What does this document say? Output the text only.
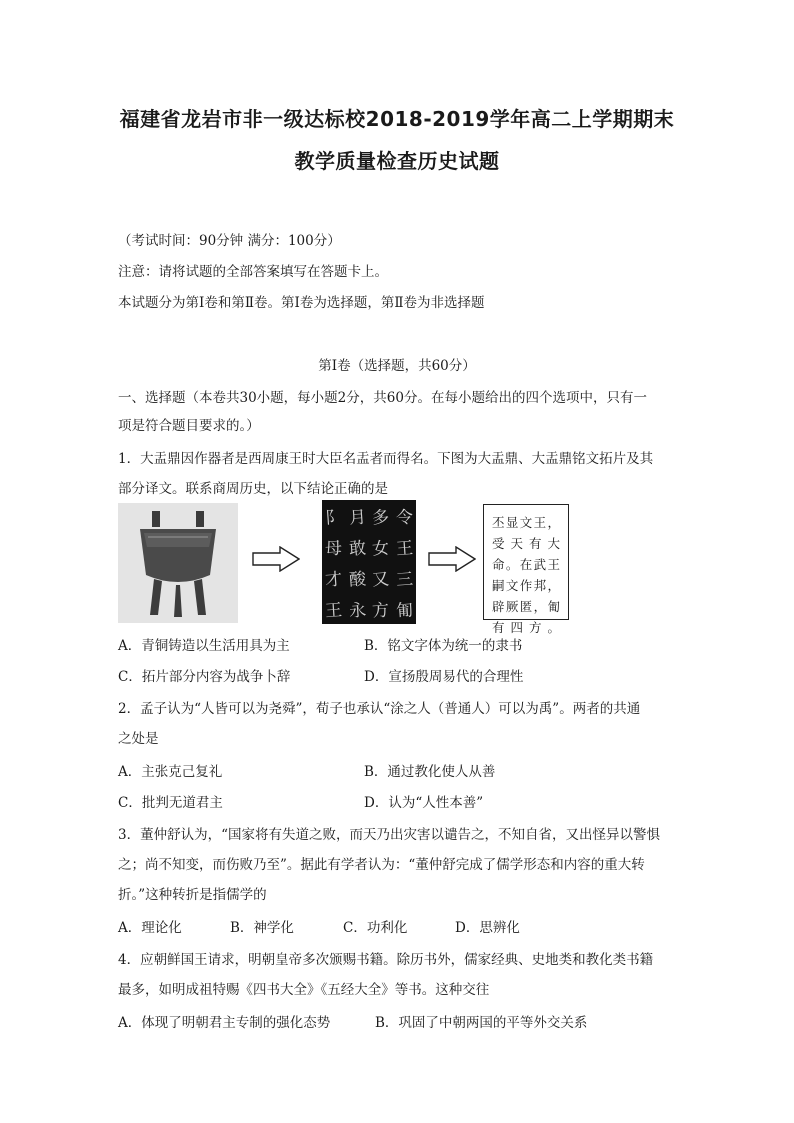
福建省龙岩市非一级达标校2018-2019学年高二上学期期末
教学质量检查历史试题
（考试时间：90分钟 满分：100分）
注意：请将试题的全部答案填写在答题卡上。
本试题分为第Ⅰ卷和第Ⅱ卷。第Ⅰ卷为选择题，第Ⅱ卷为非选择题
第Ⅰ卷（选择题，共60分）
一、选择题（本卷共30小题，每小题2分，共60分。在每小题给出的四个选项中，只有一
项是符合题目要求的。）
1．大盂鼎因作器者是西周康王时大臣名盂者而得名。下图为大盂鼎、大盂鼎铭文拓片及其
部分译文。联系商周历史，以下结论正确的是
阝 月 多 令
母 敢 女 王
才 酸 又 三
王 永 方 匍
丕显文王，
受天有大
命。在武王
嗣文作邦，
辟厥匿，匍
有四方。
A．青铜铸造以生活用具为主	B．铭文字体为统一的隶书
C．拓片部分内容为战争卜辞	D．宣扬殷周易代的合理性
2．孟子认为“人皆可以为尧舜”，荀子也承认“涂之人（普通人）可以为禹”。两者的共通
之处是
A．主张克己复礼	B．通过教化使人从善
C．批判无道君主	D．认为“人性本善”
3．董仲舒认为，“国家将有失道之败，而天乃出灾害以谴告之，不知自省，又出怪异以警惧
之；尚不知变，而伤败乃至”。据此有学者认为：“董仲舒完成了儒学形态和内容的重大转
折。”这种转折是指儒学的
A．理论化	B．神学化	C．功利化	D．思辨化
4．应朝鲜国王请求，明朝皇帝多次颁赐书籍。除历书外，儒家经典、史地类和教化类书籍
最多，如明成祖特赐《四书大全》《五经大全》等书。这种交往
A．体现了明朝君主专制的强化态势	B．巩固了中朝两国的平等外交关系
